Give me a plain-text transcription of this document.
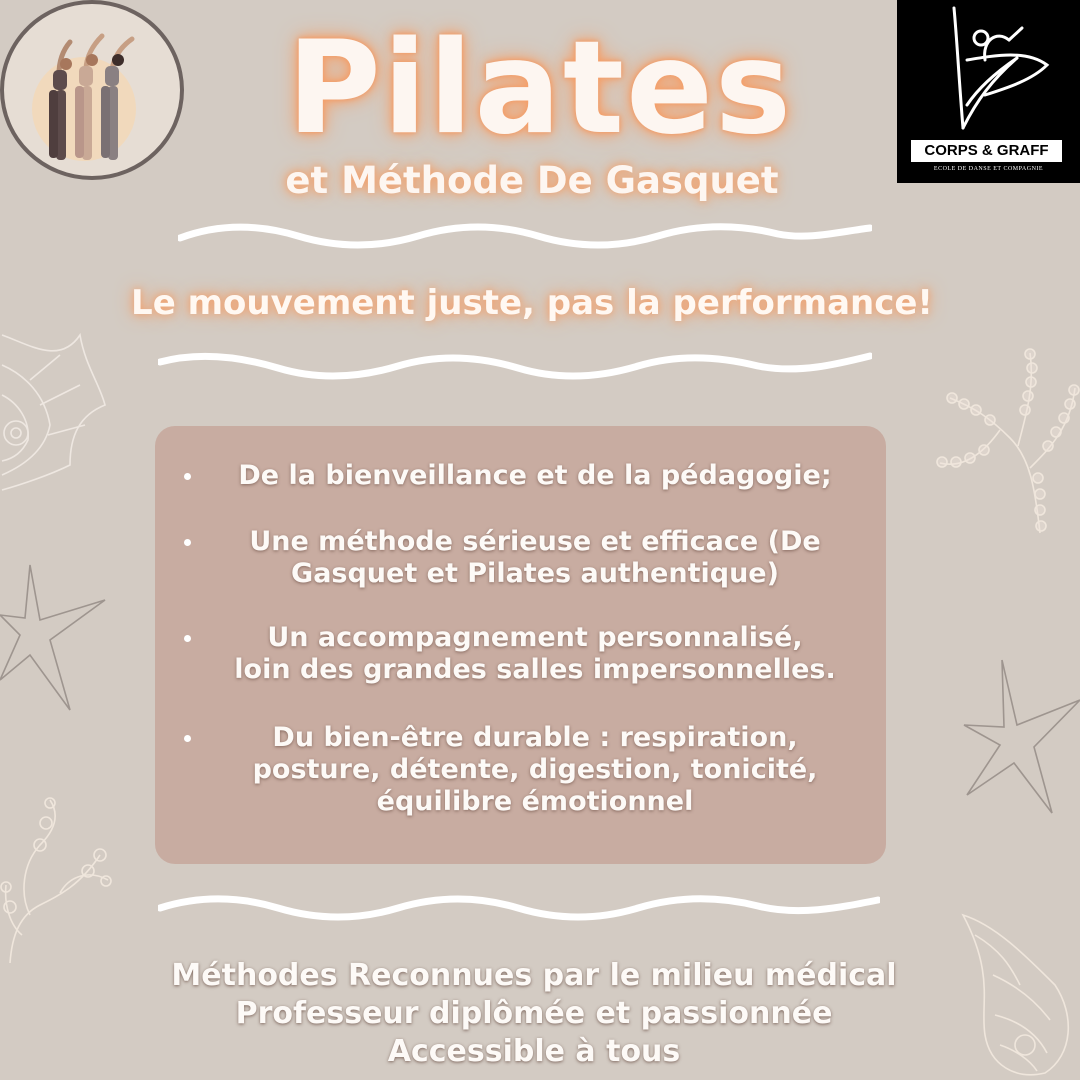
CORPS & GRAFF
ECOLE DE DANSE ET COMPAGNIE
Pilates
et Méthode De Gasquet
Le mouvement juste, pas la performance!
De la bienveillance et de la pédagogie;
Une méthode sérieuse et efficace (De
Gasquet et Pilates authentique)
Un accompagnement personnalisé,
loin des grandes salles impersonnelles.
Du bien-être durable : respiration,
posture, détente, digestion, tonicité,
équilibre émotionnel
Méthodes Reconnues par le milieu médical
Professeur diplômée et passionnée
Accessible à tous
